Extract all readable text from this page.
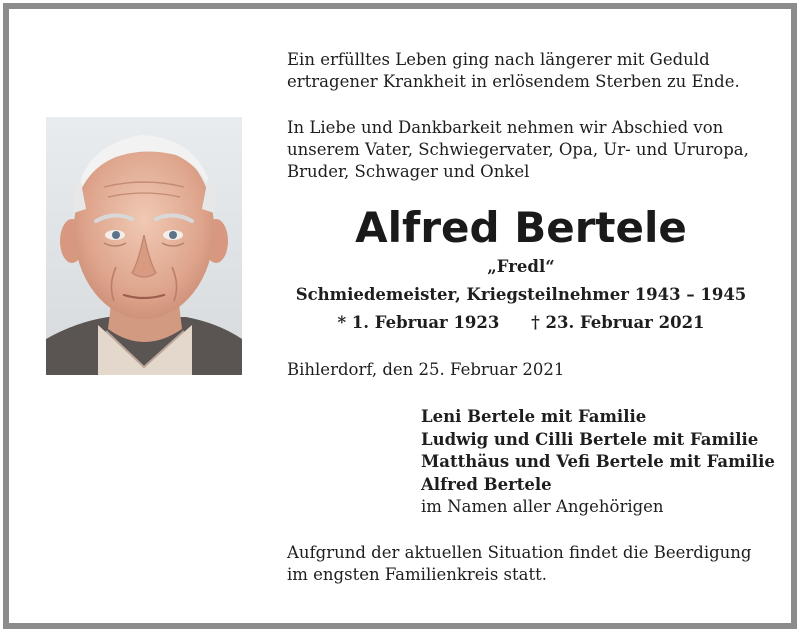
Ein erfülltes Leben ging nach längerer mit Geduld
ertragener Krankheit in erlösendem Sterben zu Ende.
In Liebe und Dankbarkeit nehmen wir Abschied von
unserem Vater, Schwiegervater, Opa, Ur- und Ururopa,
Bruder, Schwager und Onkel
Alfred Bertele
„Fredl“
Schmiedemeister, Kriegsteilnehmer 1943 – 1945
* 1. Februar 1923 † 23. Februar 2021
Bihlerdorf, den 25. Februar 2021
Leni Bertele mit Familie
Ludwig und Cilli Bertele mit Familie
Matthäus und Vefi Bertele mit Familie
Alfred Bertele
im Namen aller Angehörigen
Aufgrund der aktuellen Situation findet die Beerdigung
im engsten Familienkreis statt.
